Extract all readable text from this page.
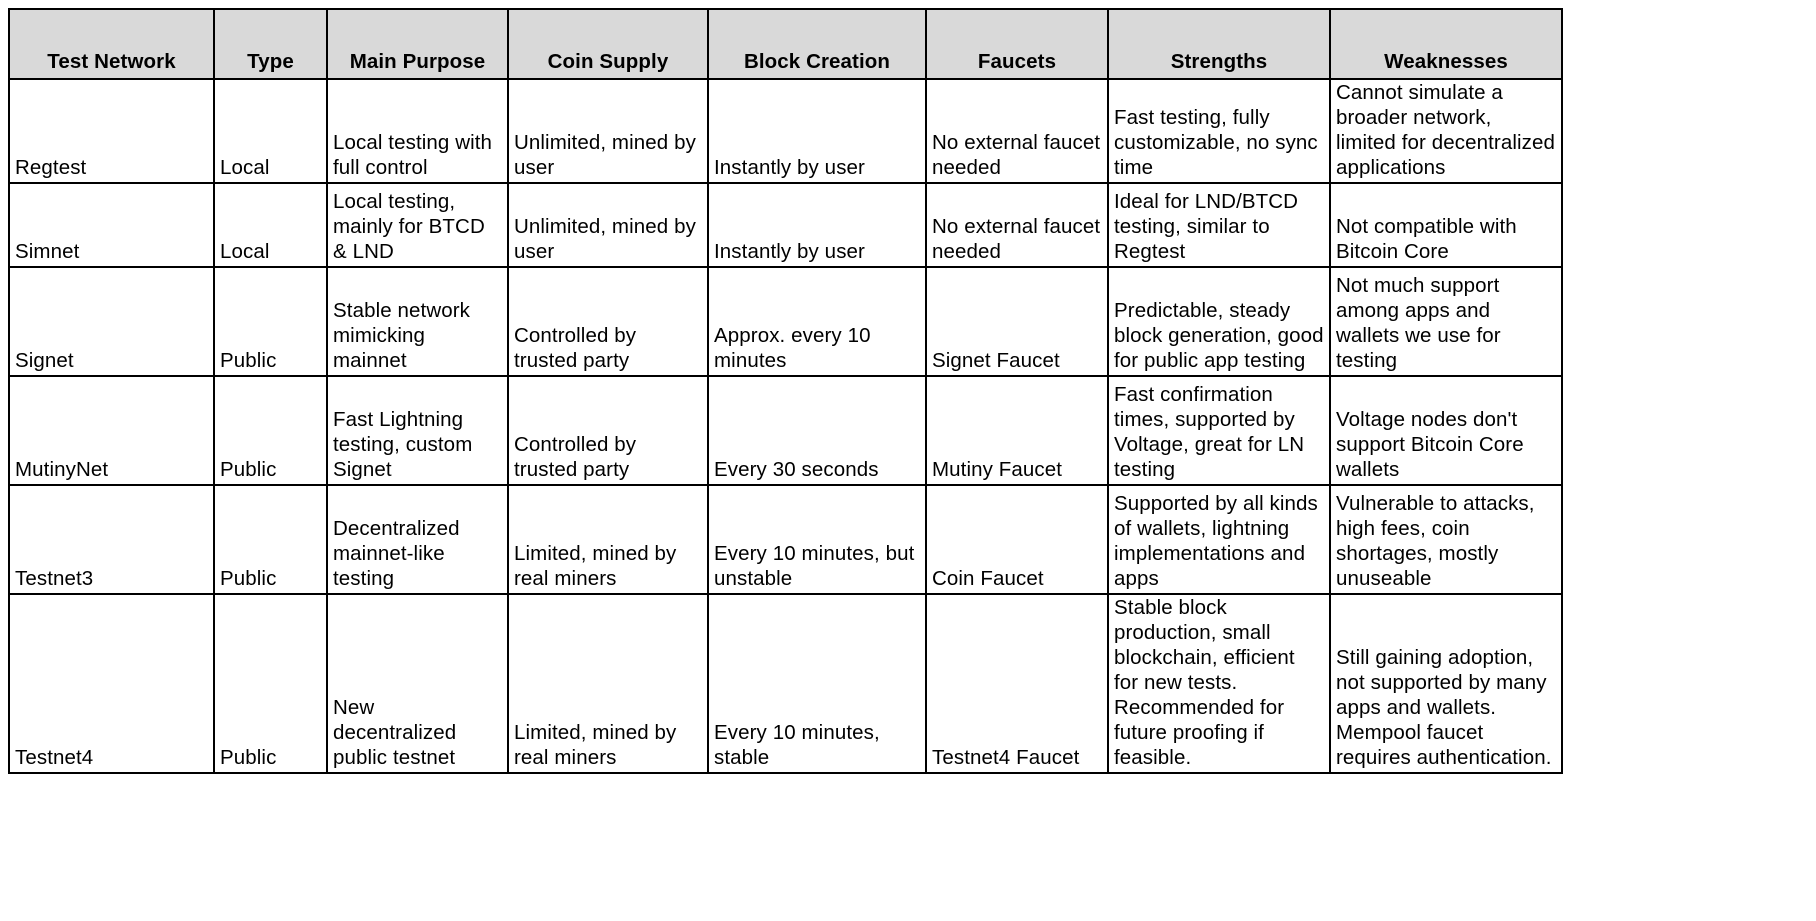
Test Network	Type	Main Purpose	Coin Supply	Block Creation	Faucets	Strengths	Weaknesses
Regtest	Local	Local testing with full control	Unlimited, mined by user	Instantly by user	No external faucet needed	Fast testing, fully customizable, no sync time	Cannot simulate a broader network, limited for decentralized applications
Simnet	Local	Local testing, mainly for BTCD & LND	Unlimited, mined by user	Instantly by user	No external faucet needed	Ideal for LND/BTCD testing, similar to Regtest	Not compatible with Bitcoin Core
Signet	Public	Stable network mimicking mainnet	Controlled by trusted party	Approx. every 10 minutes	Signet Faucet	Predictable, steady block generation, good for public app testing	Not much support among apps and wallets we use for testing
MutinyNet	Public	Fast Lightning testing, custom Signet	Controlled by trusted party	Every 30 seconds	Mutiny Faucet	Fast confirmation times, supported by Voltage, great for LN testing	Voltage nodes don't support Bitcoin Core wallets
Testnet3	Public	Decentralized mainnet-like testing	Limited, mined by real miners	Every 10 minutes, but unstable	Coin Faucet	Supported by all kinds of wallets, lightning implementations and apps	Vulnerable to attacks, high fees, coin shortages, mostly unuseable
Testnet4	Public	New decentralized public testnet	Limited, mined by real miners	Every 10 minutes, stable	Testnet4 Faucet	Stable block production, small blockchain, efficient for new tests. Recommended for future proofing if feasible.	Still gaining adoption, not supported by many apps and wallets. Mempool faucet requires authentication.
